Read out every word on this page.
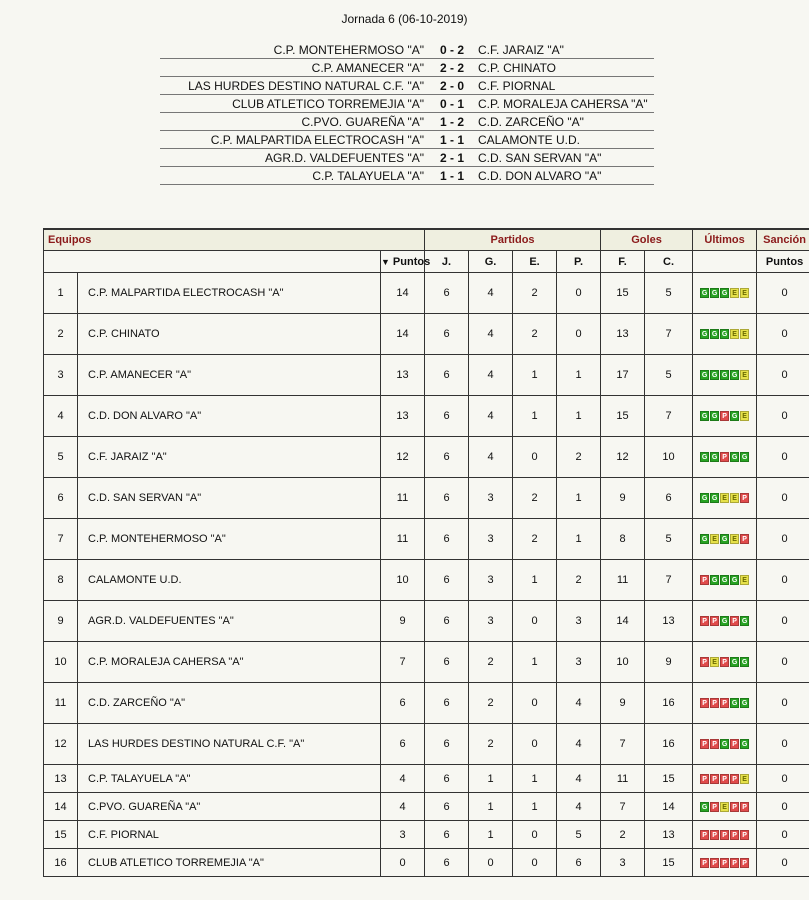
Jornada 6 (06-10-2019)
C.P. MONTEHERMOSO "A"	0 - 2	C.F. JARAIZ "A"
C.P. AMANECER "A"	2 - 2	C.P. CHINATO
LAS HURDES DESTINO NATURAL C.F. "A"	2 - 0	C.F. PIORNAL
CLUB ATLETICO TORREMEJIA "A"	0 - 1	C.P. MORALEJA CAHERSA "A"
C.PVO. GUAREÑA "A"	1 - 2	C.D. ZARCEÑO "A"
C.P. MALPARTIDA ELECTROCASH "A"	1 - 1	CALAMONTE U.D.
AGR.D. VALDEFUENTES "A"	2 - 1	C.D. SAN SERVAN "A"
C.P. TALAYUELA "A"	1 - 1	C.D. DON ALVARO "A"
Equipos			Partidos				Goles		Últimos	Sanción
		▼ Puntos	J.	G.	E.	P.	F.	C.		Puntos
1	C.P. MALPARTIDA ELECTROCASH "A"	14	6	4	2	0	15	5	G G G E E	0
2	C.P. CHINATO	14	6	4	2	0	13	7	G G G E E	0
3	C.P. AMANECER "A"	13	6	4	1	1	17	5	G G G G E	0
4	C.D. DON ALVARO "A"	13	6	4	1	1	15	7	G G P G E	0
5	C.F. JARAIZ "A"	12	6	4	0	2	12	10	G G P G G	0
6	C.D. SAN SERVAN "A"	11	6	3	2	1	9	6	G G E E P	0
7	C.P. MONTEHERMOSO "A"	11	6	3	2	1	8	5	G E G E P	0
8	CALAMONTE U.D.	10	6	3	1	2	11	7	P G G G E	0
9	AGR.D. VALDEFUENTES "A"	9	6	3	0	3	14	13	P P G P G	0
10	C.P. MORALEJA CAHERSA "A"	7	6	2	1	3	10	9	P E P G G	0
11	C.D. ZARCEÑO "A"	6	6	2	0	4	9	16	P P P G G	0
12	LAS HURDES DESTINO NATURAL C.F. "A"	6	6	2	0	4	7	16	P P G P G	0
13	C.P. TALAYUELA "A"	4	6	1	1	4	11	15	P P P P E	0
14	C.PVO. GUAREÑA "A"	4	6	1	1	4	7	14	G P E P P	0
15	C.F. PIORNAL	3	6	1	0	5	2	13	P P P P P	0
16	CLUB ATLETICO TORREMEJIA "A"	0	6	0	0	6	3	15	P P P P P	0
